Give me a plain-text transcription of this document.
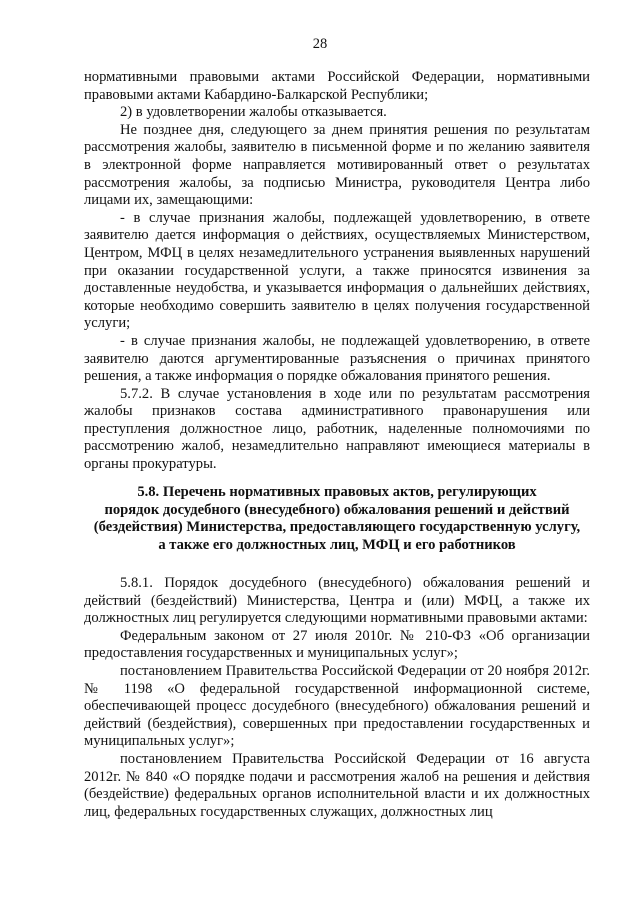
28

нормативными правовыми актами Российской Федерации, нормативными правовыми актами Кабардино-Балкарской Республики;

2) в удовлетворении жалобы отказывается.

Не позднее дня, следующего за днем принятия решения по результатам рассмотрения жалобы, заявителю в письменной форме и по желанию заявителя в электронной форме направляется мотивированный ответ о результатах рассмотрения жалобы, за подписью Министра, руководителя Центра либо лицами их, замещающими:

- в случае признания жалобы, подлежащей удовлетворению, в ответе заявителю дается информация о действиях, осуществляемых Министерством, Центром, МФЦ в целях незамедлительного устранения выявленных нарушений при оказании государственной услуги, а также приносятся извинения за доставленные неудобства, и указывается информация о дальнейших действиях, которые необходимо совершить заявителю в целях получения государственной услуги;

- в случае признания жалобы, не подлежащей удовлетворению, в ответе заявителю даются аргументированные разъяснения о причинах принятого решения, а также информация о порядке обжалования принятого решения.

5.7.2. В случае установления в ходе или по результатам рассмотрения жалобы признаков состава административного правонарушения или преступления должностное лицо, работник, наделенные полномочиями по рассмотрению жалоб, незамедлительно направляют имеющиеся материалы в органы прокуратуры.

5.8. Перечень нормативных правовых актов, регулирующих
порядок досудебного (внесудебного) обжалования решений и действий
(бездействия) Министерства, предоставляющего государственную услугу,
а также его должностных лиц, МФЦ и его работников

5.8.1. Порядок досудебного (внесудебного) обжалования решений и действий (бездействий) Министерства, Центра и (или) МФЦ, а также их должностных лиц регулируется следующими нормативными правовыми актами:

Федеральным законом от 27 июля 2010г. № 210-ФЗ «Об организации предоставления государственных и муниципальных услуг»;

постановлением Правительства Российской Федерации от 20 ноября 2012г. № 1198 «О федеральной государственной информационной системе, обеспечивающей процесс досудебного (внесудебного) обжалования решений и действий (бездействия), совершенных при предоставлении государственных и муниципальных услуг»;

постановлением Правительства Российской Федерации от 16 августа 2012г. № 840 «О порядке подачи и рассмотрения жалоб на решения и действия (бездействие) федеральных органов исполнительной власти и их должностных лиц, федеральных государственных служащих, должностных лиц
